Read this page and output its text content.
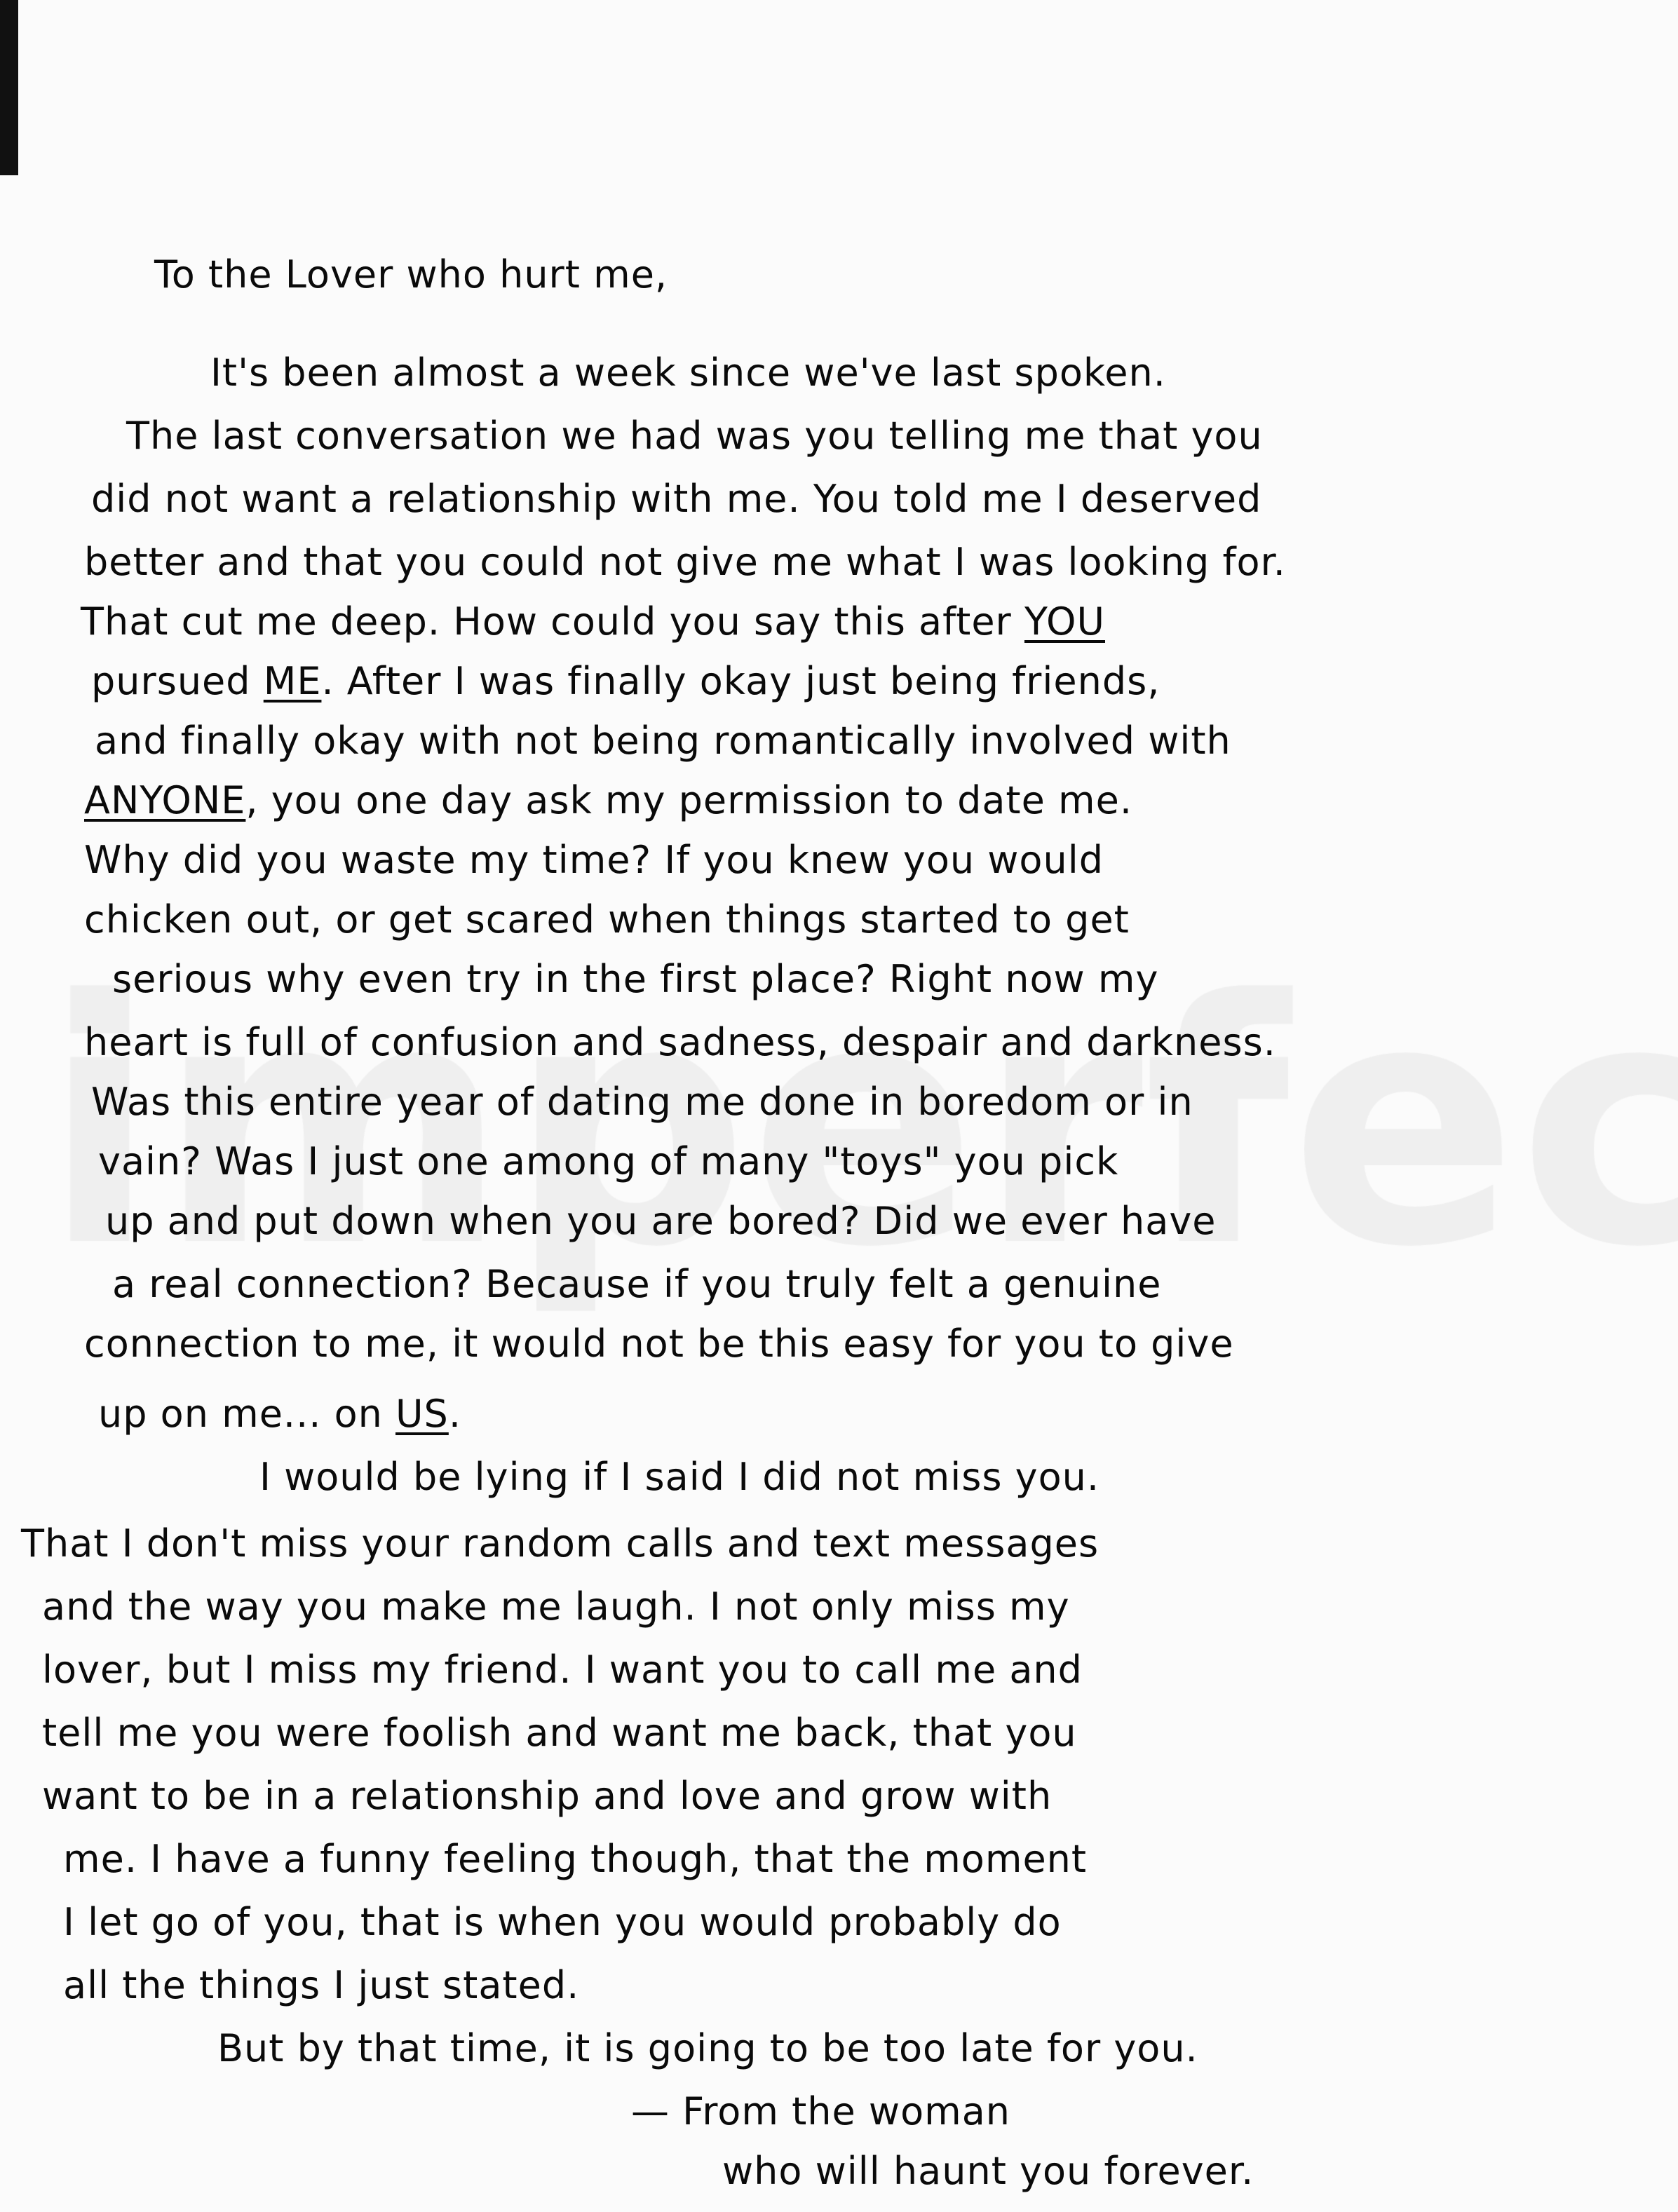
To the Lover who hurt me,
It's been almost a week since we've last spoken.
The last conversation we had was you telling me that you
did not want a relationship with me. You told me I deserved
better and that you could not give me what I was looking for.
That cut me deep. How could you say this after YOU
pursued ME. After I was finally okay just being friends,
and finally okay with not being romantically involved with
ANYONE, you one day ask my permission to date me.
Why did you waste my time? If you knew you would
chicken out, or get scared when things started to get
serious why even try in the first place? Right now my
heart is full of confusion and sadness, despair and darkness.
Was this entire year of dating me done in boredom or in
vain? Was I just one among of many "toys" you pick
up and put down when you are bored? Did we ever have
a real connection? Because if you truly felt a genuine
connection to me, it would not be this easy for you to give
up on me... on US.
I would be lying if I said I did not miss you.
That I don't miss your random calls and text messages
and the way you make me laugh. I not only miss my
lover, but I miss my friend. I want you to call me and
tell me you were foolish and want me back, that you
want to be in a relationship and love and grow with
me. I have a funny feeling though, that the moment
I let go of you, that is when you would probably do
all the things I just stated.
But by that time, it is going to be too late for you.
— From the woman
who will haunt you forever.
